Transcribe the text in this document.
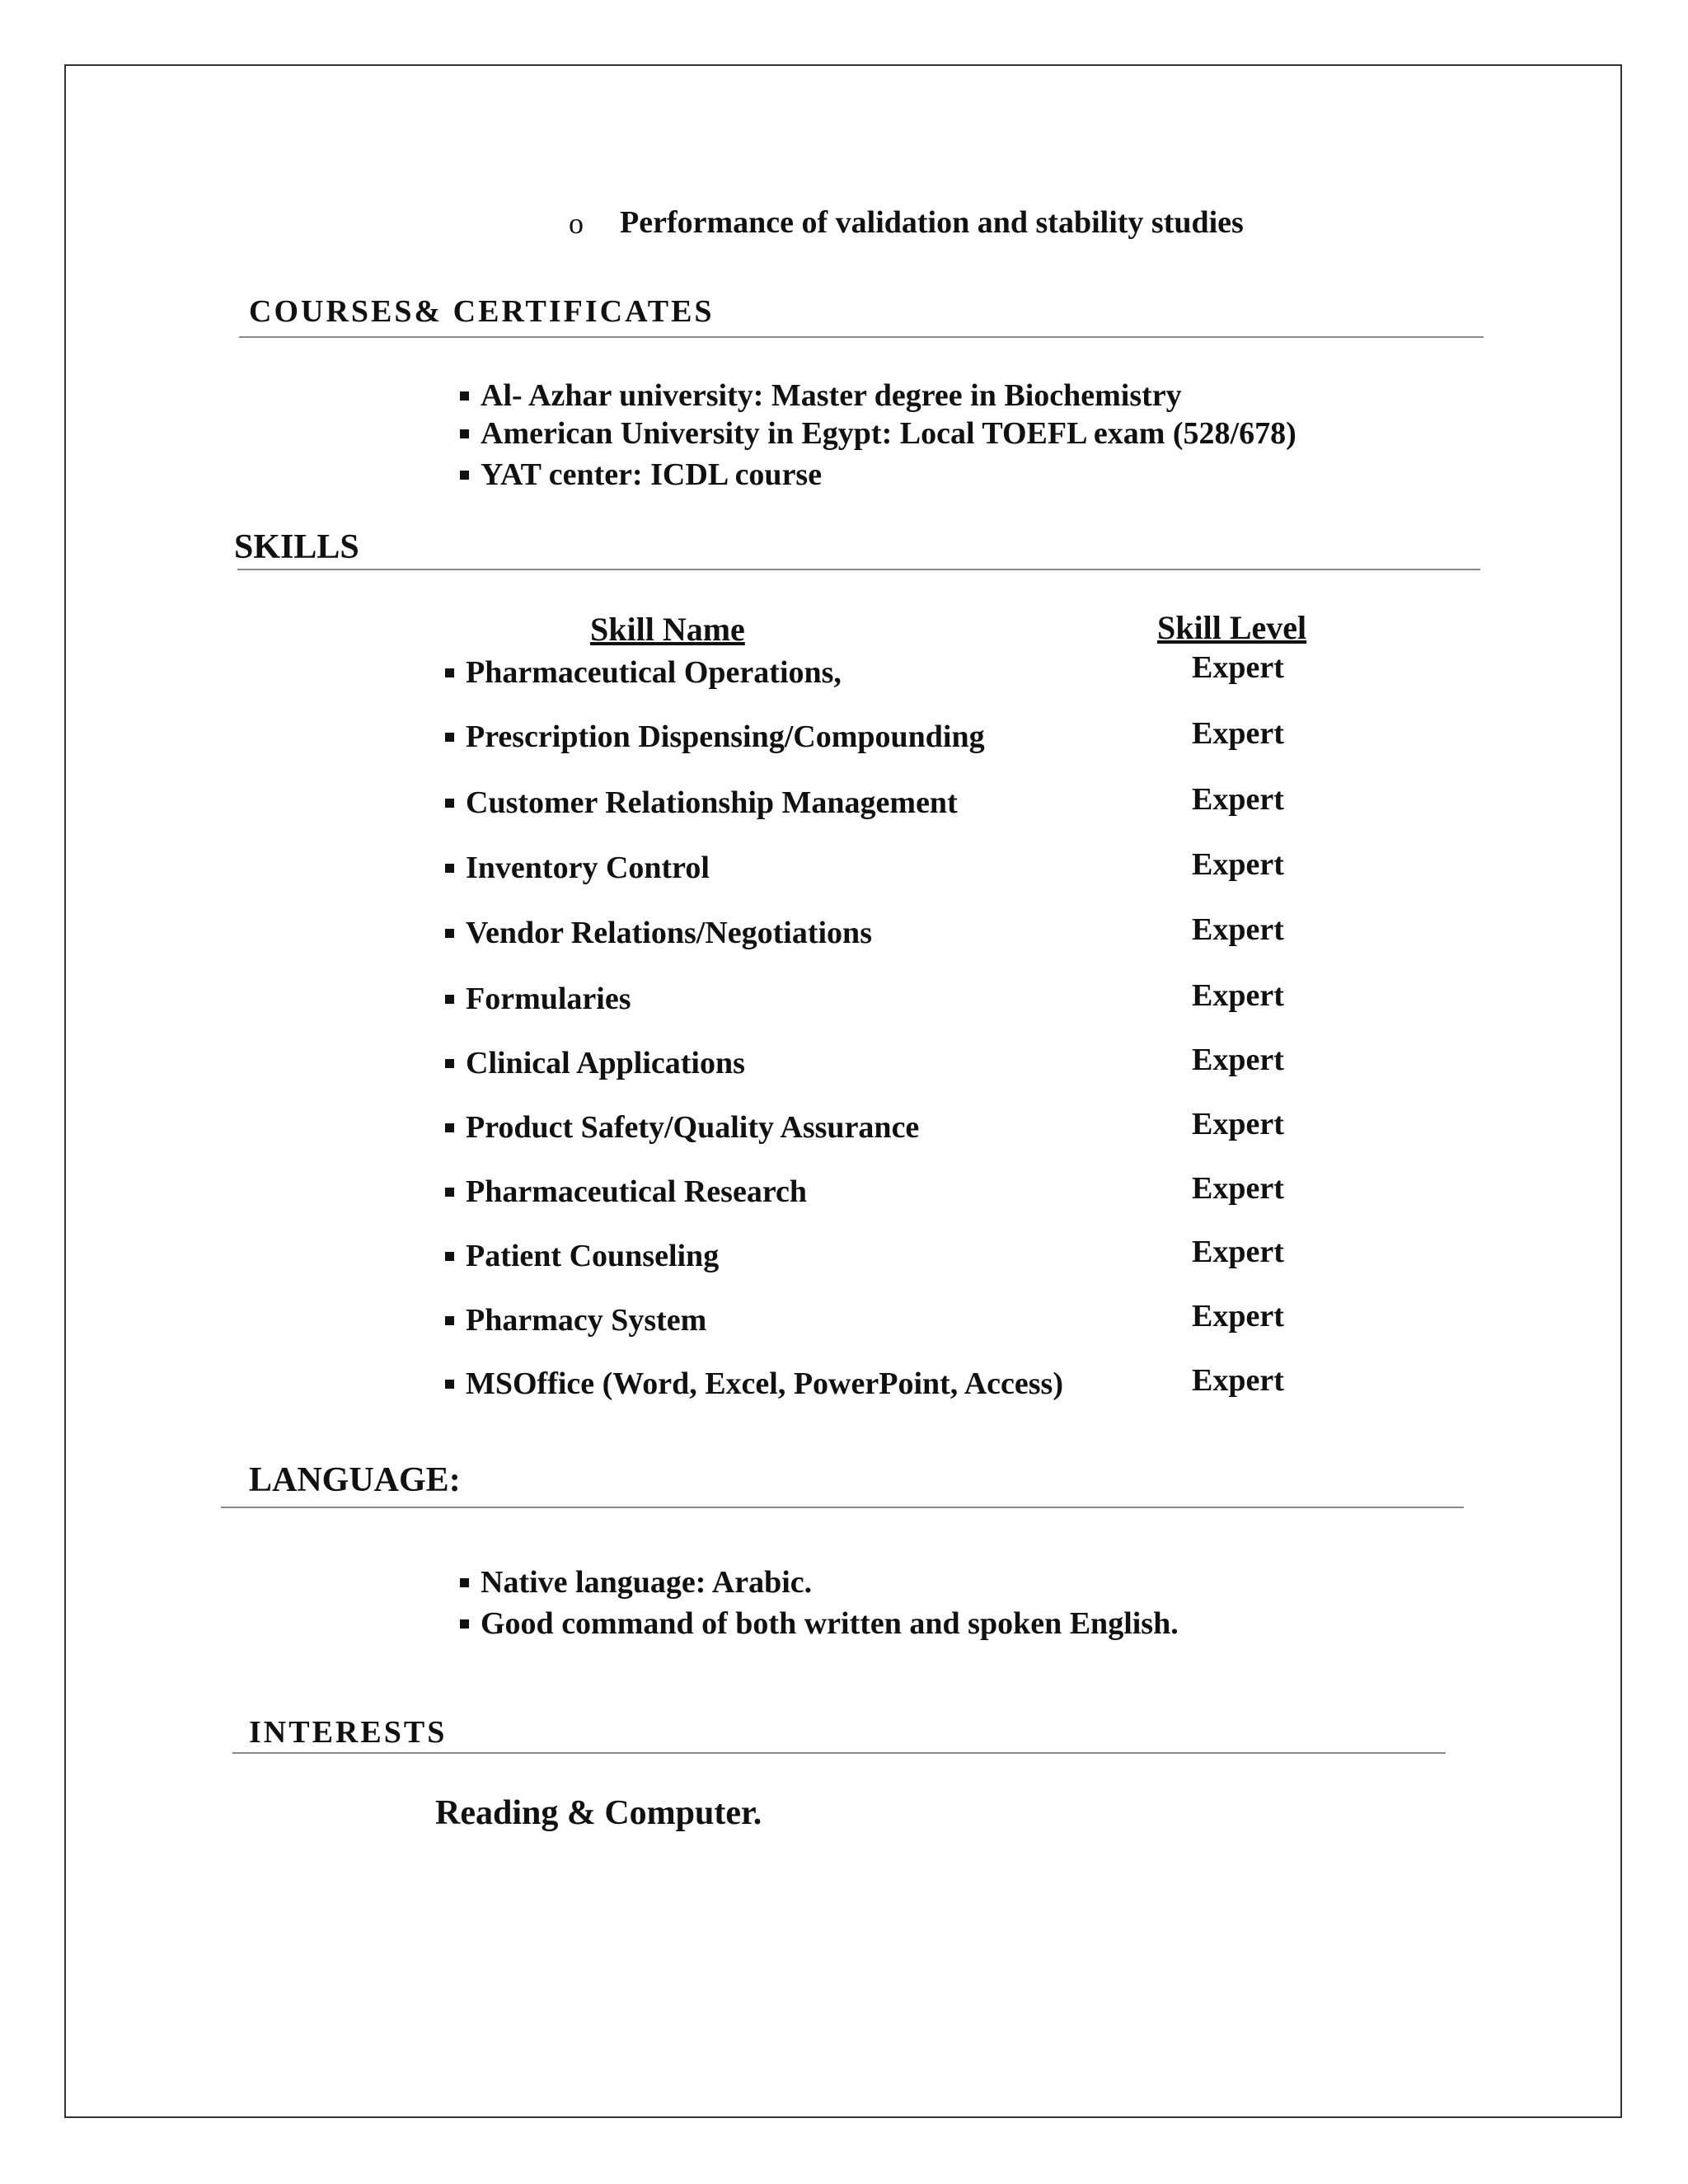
o Performance of validation and stability studies
COURSES& CERTIFICATES
Al- Azhar university: Master degree in Biochemistry
American University in Egypt: Local TOEFL exam (528/678)
YAT center: ICDL course
SKILLS
Skill Name	Skill Level
Pharmaceutical Operations,	Expert
Prescription Dispensing/Compounding	Expert
Customer Relationship Management	Expert
Inventory Control	Expert
Vendor Relations/Negotiations	Expert
Formularies	Expert
Clinical Applications	Expert
Product Safety/Quality Assurance	Expert
Pharmaceutical Research	Expert
Patient Counseling	Expert
Pharmacy System	Expert
MSOffice (Word, Excel, PowerPoint, Access)	Expert
LANGUAGE:
Native language: Arabic.
Good command of both written and spoken English.
INTERESTS
Reading & Computer.
